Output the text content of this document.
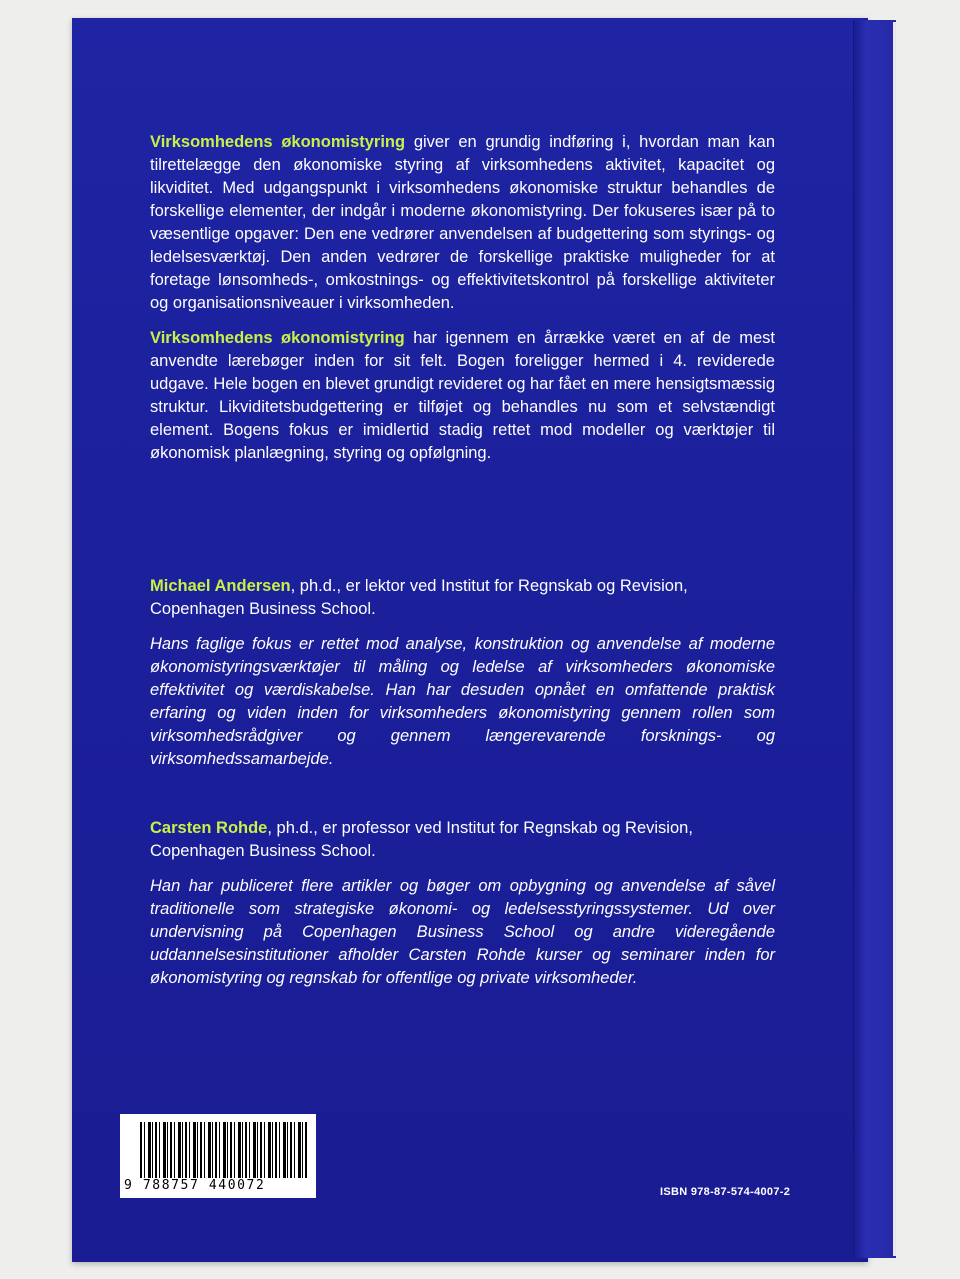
Virksomhedens økonomistyring giver en grundig indføring i, hvordan man kan tilrettelægge den økonomiske styring af virksomhedens aktivitet, kapacitet og likviditet. Med udgangspunkt i virksomhedens økonomiske struktur behandles de forskellige elementer, der indgår i moderne økonomistyring. Der fokuseres især på to væsentlige opgaver: Den ene vedrører anvendelsen af budgettering som styrings- og ledelsesværktøj. Den anden vedrører de forskellige praktiske muligheder for at foretage lønsomheds-, omkostnings- og effektivitetskontrol på forskellige aktiviteter og organisationsniveauer i virksomheden.

Virksomhedens økonomistyring har igennem en årrække været en af de mest anvendte lærebøger inden for sit felt. Bogen foreligger hermed i 4. reviderede udgave. Hele bogen en blevet grundigt revideret og har fået en mere hensigtsmæssig struktur. Likviditetsbudgettering er tilføjet og behandles nu som et selvstændigt element. Bogens fokus er imidlertid stadig rettet mod modeller og værktøjer til økonomisk planlægning, styring og opfølgning.

Michael Andersen, ph.d., er lektor ved Institut for Regnskab og Revision, Copenhagen Business School.

Hans faglige fokus er rettet mod analyse, konstruktion og anvendelse af moderne økonomistyringsværktøjer til måling og ledelse af virksomheders økonomiske effektivitet og værdiskabelse. Han har desuden opnået en omfattende praktisk erfaring og viden inden for virksomheders økonomistyring gennem rollen som virksomhedsrådgiver og gennem længerevarende forsknings- og virksomhedssamarbejde.

Carsten Rohde, ph.d., er professor ved Institut for Regnskab og Revision, Copenhagen Business School.

Han har publiceret flere artikler og bøger om opbygning og anvendelse af såvel traditionelle som strategiske økonomi- og ledelsesstyringssystemer. Ud over undervisning på Copenhagen Business School og andre videregående uddannelsesinstitutioner afholder Carsten Rohde kurser og seminarer inden for økonomistyring og regnskab for offentlige og private virksomheder.

9 788757 440072	ISBN 978-87-574-4007-2
